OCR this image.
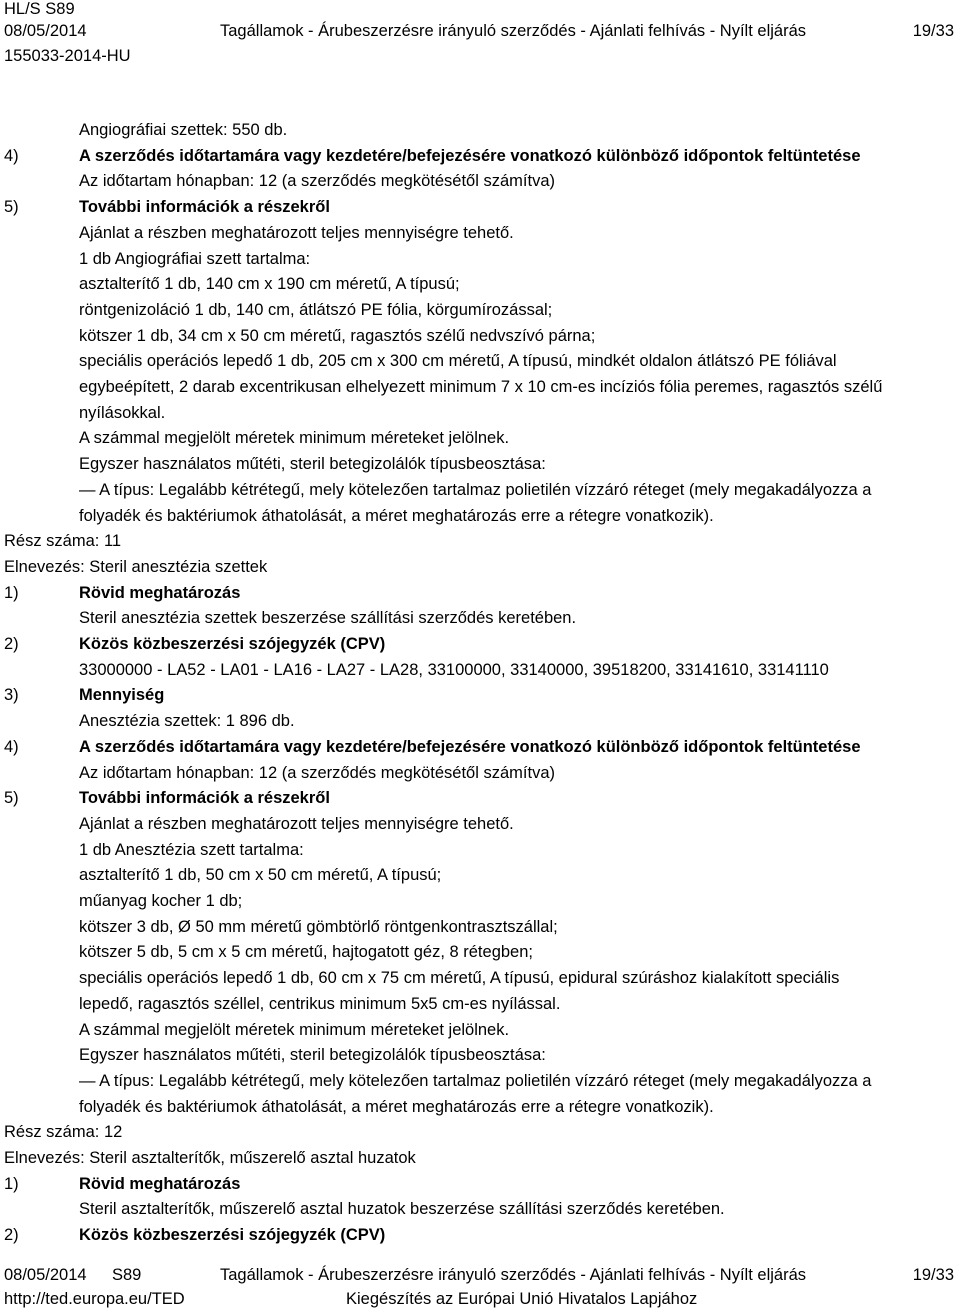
HL/S S89
08/05/2014	Tagállamok - Árubeszerzésre irányuló szerződés - Ajánlati felhívás - Nyílt eljárás	19/33
155033-2014-HU
Angiográfiai szettek: 550 db.
4)	A szerződés időtartamára vagy kezdetére/befejezésére vonatkozó különböző időpontok feltüntetése
Az időtartam hónapban: 12 (a szerződés megkötésétől számítva)
5)	További információk a részekről
Ajánlat a részben meghatározott teljes mennyiségre tehető.
1 db Angiográfiai szett tartalma:
asztalterítő 1 db, 140 cm x 190 cm méretű, A típusú;
röntgenizoláció 1 db, 140 cm, átlátszó PE fólia, körgumírozással;
kötszer 1 db, 34 cm x 50 cm méretű, ragasztós szélű nedvszívó párna;
speciális operációs lepedő 1 db, 205 cm x 300 cm méretű, A típusú, mindkét oldalon átlátszó PE fóliával
egybeépített, 2 darab excentrikusan elhelyezett minimum 7 x 10 cm-es incíziós fólia peremes, ragasztós szélű
nyílásokkal.
A számmal megjelölt méretek minimum méreteket jelölnek.
Egyszer használatos műtéti, steril betegizolálók típusbeosztása:
— A típus: Legalább kétrétegű, mely kötelezően tartalmaz polietilén vízzáró réteget (mely megakadályozza a
folyadék és baktériumok áthatolását, a méret meghatározás erre a rétegre vonatkozik).
Rész száma: 11
Elnevezés: Steril anesztézia szettek
1)	Rövid meghatározás
Steril anesztézia szettek beszerzése szállítási szerződés keretében.
2)	Közös közbeszerzési szójegyzék (CPV)
33000000 - LA52 - LA01 - LA16 - LA27 - LA28, 33100000, 33140000, 39518200, 33141610, 33141110
3)	Mennyiség
Anesztézia szettek: 1 896 db.
4)	A szerződés időtartamára vagy kezdetére/befejezésére vonatkozó különböző időpontok feltüntetése
Az időtartam hónapban: 12 (a szerződés megkötésétől számítva)
5)	További információk a részekről
Ajánlat a részben meghatározott teljes mennyiségre tehető.
1 db Anesztézia szett tartalma:
asztalterítő 1 db, 50 cm x 50 cm méretű, A típusú;
műanyag kocher 1 db;
kötszer 3 db, Ø 50 mm méretű gömbtörlő röntgenkontrasztszállal;
kötszer 5 db, 5 cm x 5 cm méretű, hajtogatott géz, 8 rétegben;
speciális operációs lepedő 1 db, 60 cm x 75 cm méretű, A típusú, epidural szúráshoz kialakított speciális
lepedő, ragasztós széllel, centrikus minimum 5x5 cm-es nyílással.
A számmal megjelölt méretek minimum méreteket jelölnek.
Egyszer használatos műtéti, steril betegizolálók típusbeosztása:
— A típus: Legalább kétrétegű, mely kötelezően tartalmaz polietilén vízzáró réteget (mely megakadályozza a
folyadék és baktériumok áthatolását, a méret meghatározás erre a rétegre vonatkozik).
Rész száma: 12
Elnevezés: Steril asztalterítők, műszerelő asztal huzatok
1)	Rövid meghatározás
Steril asztalterítők, műszerelő asztal huzatok beszerzése szállítási szerződés keretében.
2)	Közös közbeszerzési szójegyzék (CPV)
08/05/2014 S89	Tagállamok - Árubeszerzésre irányuló szerződés - Ajánlati felhívás - Nyílt eljárás	19/33
http://ted.europa.eu/TED	Kiegészítés az Európai Unió Hivatalos Lapjához
